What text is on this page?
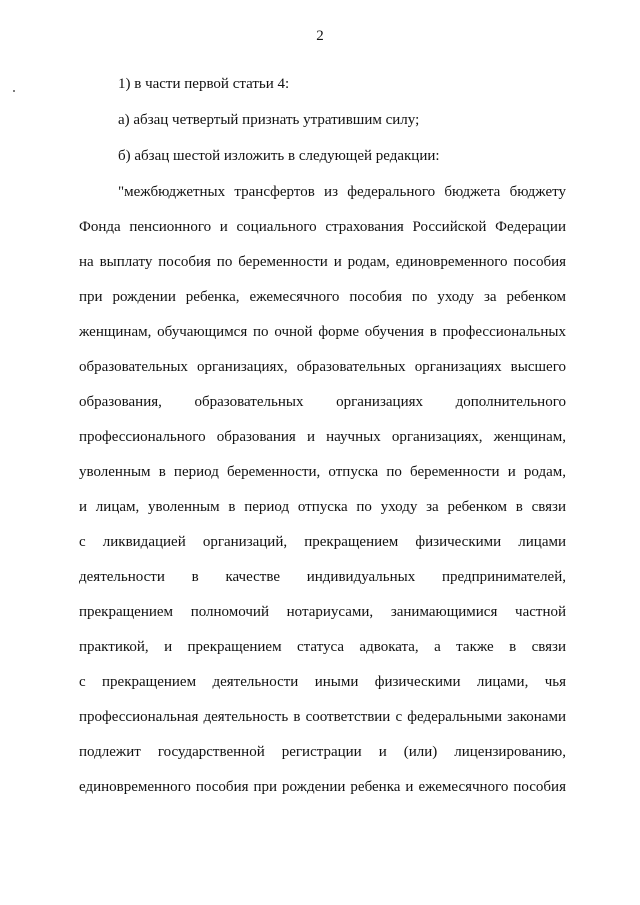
2
1) в части первой статьи 4:
а) абзац четвертый признать утратившим силу;
б) абзац шестой изложить в следующей редакции:
"межбюджетных трансфертов из федерального бюджета бюджету
Фонда пенсионного и социального страхования Российской Федерации
на выплату пособия по беременности и родам, единовременного пособия
при рождении ребенка, ежемесячного пособия по уходу за ребенком
женщинам, обучающимся по очной форме обучения в профессиональных
образовательных организациях, образовательных организациях высшего
образования, образовательных организациях дополнительного
профессионального образования и научных организациях, женщинам,
уволенным в период беременности, отпуска по беременности и родам,
и лицам, уволенным в период отпуска по уходу за ребенком в связи
с ликвидацией организаций, прекращением физическими лицами
деятельности в качестве индивидуальных предпринимателей,
прекращением полномочий нотариусами, занимающимися частной
практикой, и прекращением статуса адвоката, а также в связи
с прекращением деятельности иными физическими лицами, чья
профессиональная деятельность в соответствии с федеральными законами
подлежит государственной регистрации и (или) лицензированию,
единовременного пособия при рождении ребенка и ежемесячного пособия
